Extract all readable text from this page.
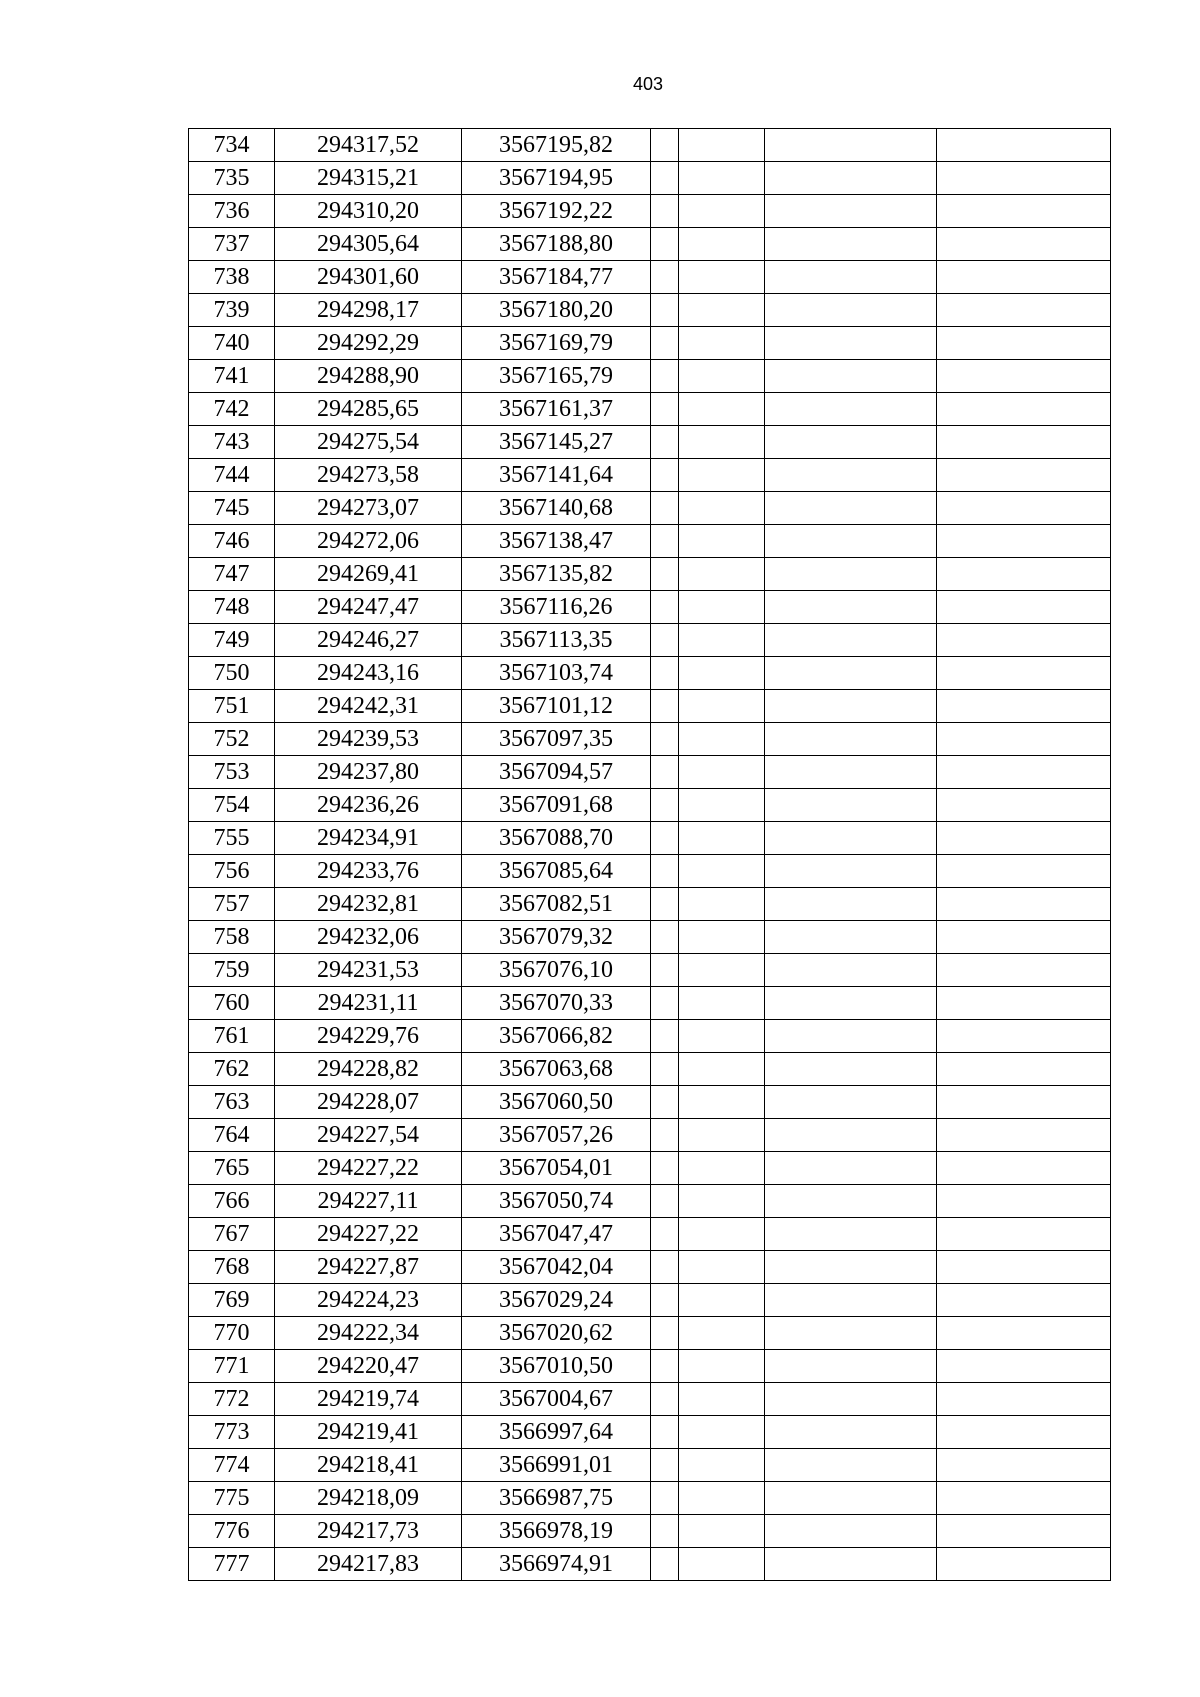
403
734	294317,52	3567195,82				
735	294315,21	3567194,95				
736	294310,20	3567192,22				
737	294305,64	3567188,80				
738	294301,60	3567184,77				
739	294298,17	3567180,20				
740	294292,29	3567169,79				
741	294288,90	3567165,79				
742	294285,65	3567161,37				
743	294275,54	3567145,27				
744	294273,58	3567141,64				
745	294273,07	3567140,68				
746	294272,06	3567138,47				
747	294269,41	3567135,82				
748	294247,47	3567116,26				
749	294246,27	3567113,35				
750	294243,16	3567103,74				
751	294242,31	3567101,12				
752	294239,53	3567097,35				
753	294237,80	3567094,57				
754	294236,26	3567091,68				
755	294234,91	3567088,70				
756	294233,76	3567085,64				
757	294232,81	3567082,51				
758	294232,06	3567079,32				
759	294231,53	3567076,10				
760	294231,11	3567070,33				
761	294229,76	3567066,82				
762	294228,82	3567063,68				
763	294228,07	3567060,50				
764	294227,54	3567057,26				
765	294227,22	3567054,01				
766	294227,11	3567050,74				
767	294227,22	3567047,47				
768	294227,87	3567042,04				
769	294224,23	3567029,24				
770	294222,34	3567020,62				
771	294220,47	3567010,50				
772	294219,74	3567004,67				
773	294219,41	3566997,64				
774	294218,41	3566991,01				
775	294218,09	3566987,75				
776	294217,73	3566978,19				
777	294217,83	3566974,91				
